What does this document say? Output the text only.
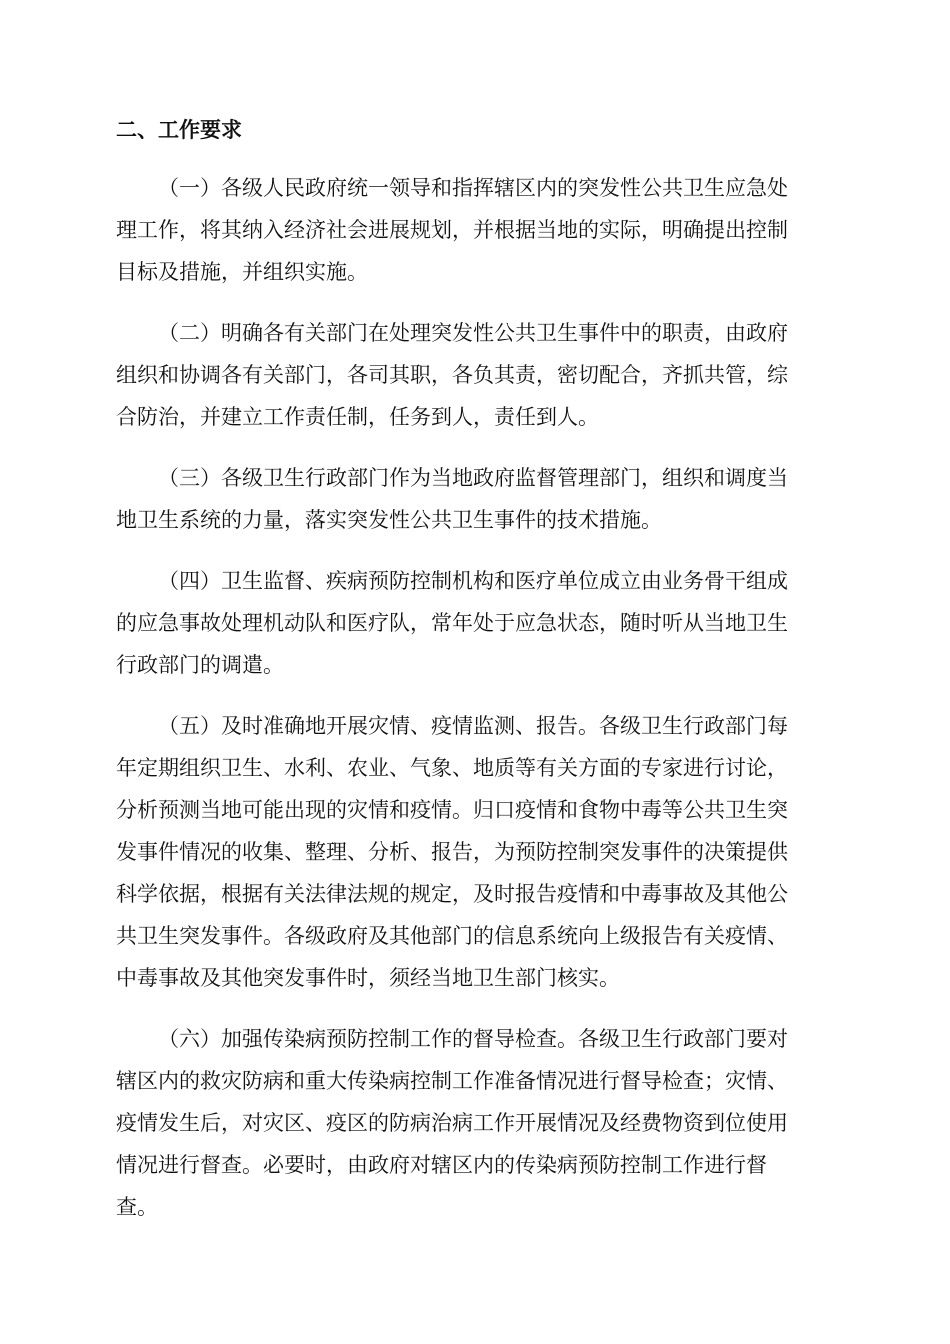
二、工作要求

（一）各级人民政府统一领导和指挥辖区内的突发性公共卫生应急处
理工作，将其纳入经济社会进展规划，并根据当地的实际，明确提出控制
目标及措施，并组织实施。

（二）明确各有关部门在处理突发性公共卫生事件中的职责，由政府
组织和协调各有关部门，各司其职，各负其责，密切配合，齐抓共管，综
合防治，并建立工作责任制，任务到人，责任到人。

（三）各级卫生行政部门作为当地政府监督管理部门，组织和调度当
地卫生系统的力量，落实突发性公共卫生事件的技术措施。

（四）卫生监督、疾病预防控制机构和医疗单位成立由业务骨干组成
的应急事故处理机动队和医疗队，常年处于应急状态，随时听从当地卫生
行政部门的调遣。

（五）及时准确地开展灾情、疫情监测、报告。各级卫生行政部门每
年定期组织卫生、水利、农业、气象、地质等有关方面的专家进行讨论，
分析预测当地可能出现的灾情和疫情。归口疫情和食物中毒等公共卫生突
发事件情况的收集、整理、分析、报告，为预防控制突发事件的决策提供
科学依据，根据有关法律法规的规定，及时报告疫情和中毒事故及其他公
共卫生突发事件。各级政府及其他部门的信息系统向上级报告有关疫情、
中毒事故及其他突发事件时，须经当地卫生部门核实。

（六）加强传染病预防控制工作的督导检查。各级卫生行政部门要对
辖区内的救灾防病和重大传染病控制工作准备情况进行督导检查；灾情、
疫情发生后，对灾区、疫区的防病治病工作开展情况及经费物资到位使用
情况进行督查。必要时，由政府对辖区内的传染病预防控制工作进行督
查。
